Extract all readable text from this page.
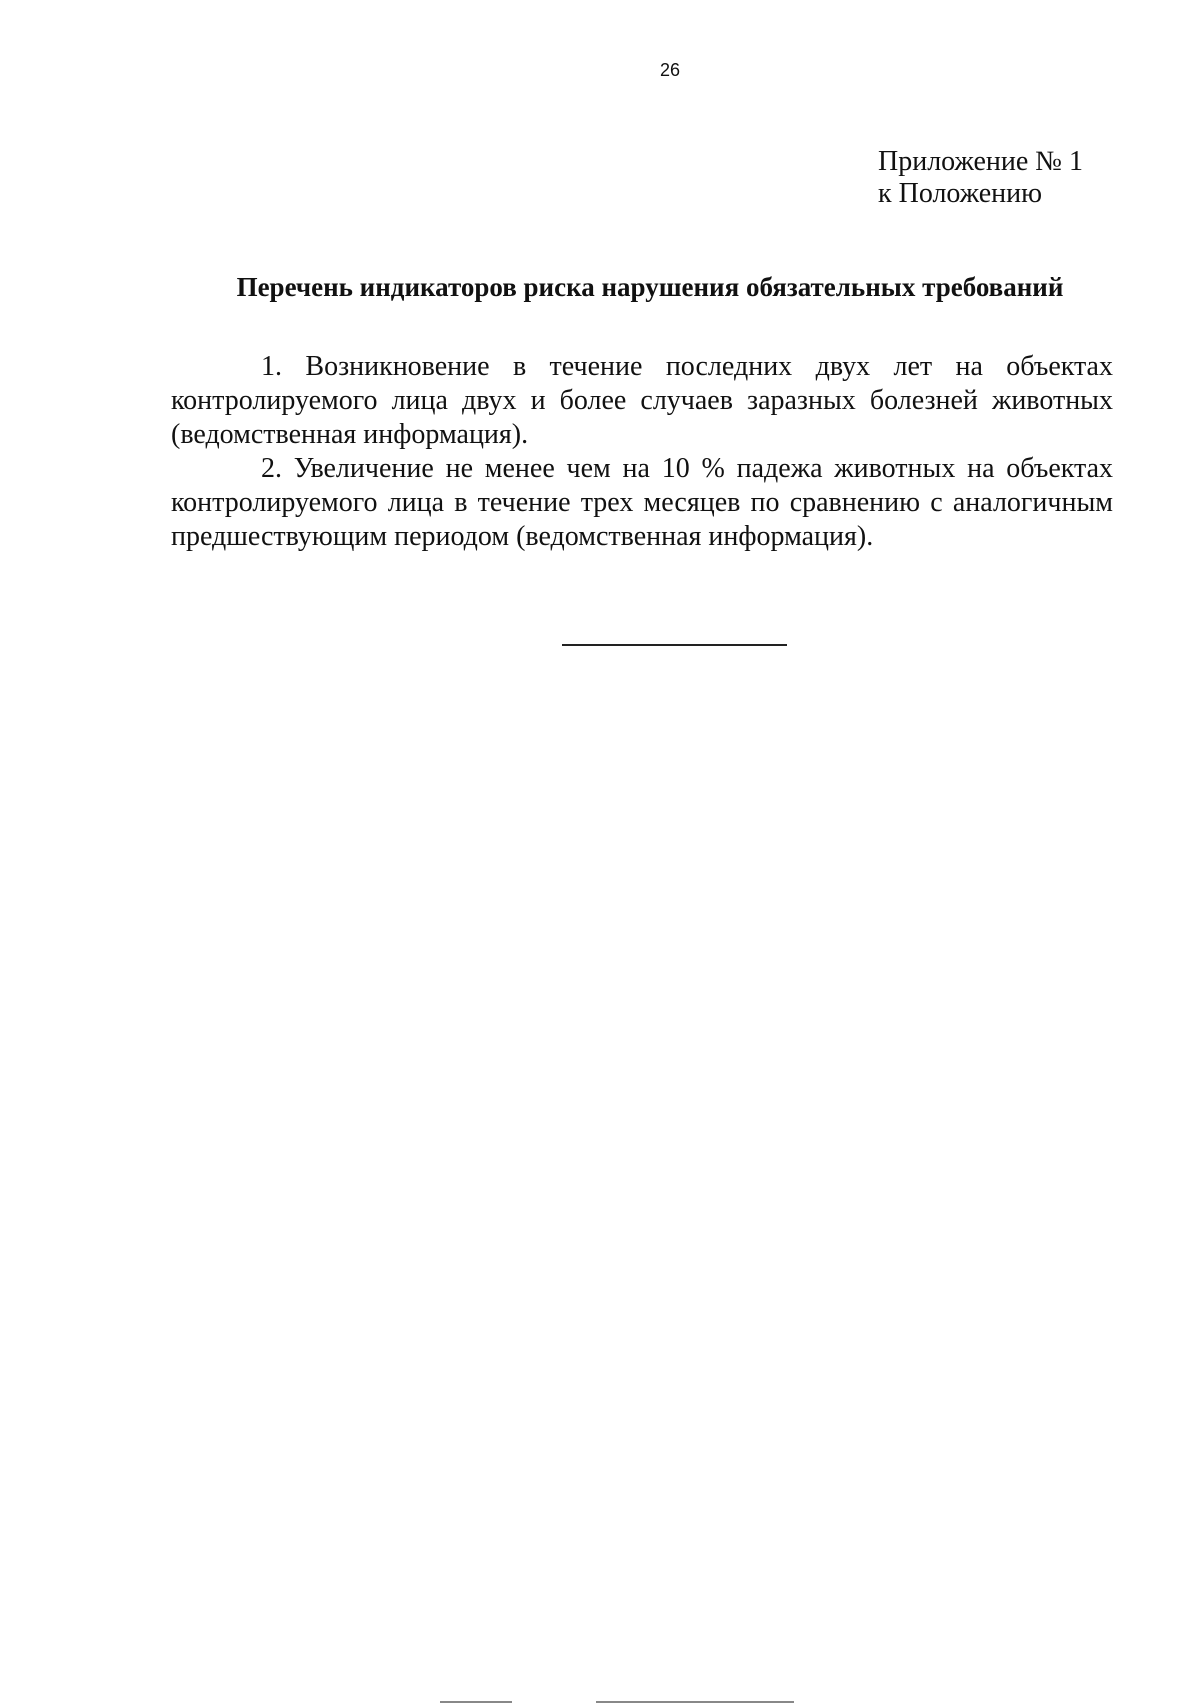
26
Приложение № 1
к Положению
Перечень индикаторов риска нарушения обязательных требований

1. Возникновение в течение последних двух лет на объектах контролируемого лица двух и более случаев заразных болезней животных (ведомственная информация).

2. Увеличение не менее чем на 10 % падежа животных на объектах контролируемого лица в течение трех месяцев по сравнению с аналогичным предшествующим периодом (ведомственная информация).
